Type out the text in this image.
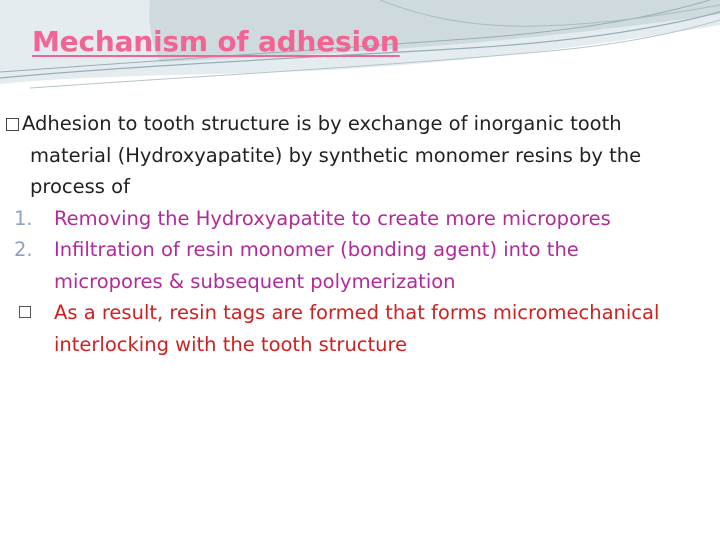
Mechanism of adhesion
Adhesion to tooth structure is by exchange of inorganic tooth
material (Hydroxyapatite) by synthetic monomer resins by the
process of
1.	Removing the Hydroxyapatite to create more micropores
2.	Infiltration of resin monomer (bonding agent) into the
micropores & subsequent polymerization
As a result, resin tags are formed that forms micromechanical
interlocking with the tooth structure
